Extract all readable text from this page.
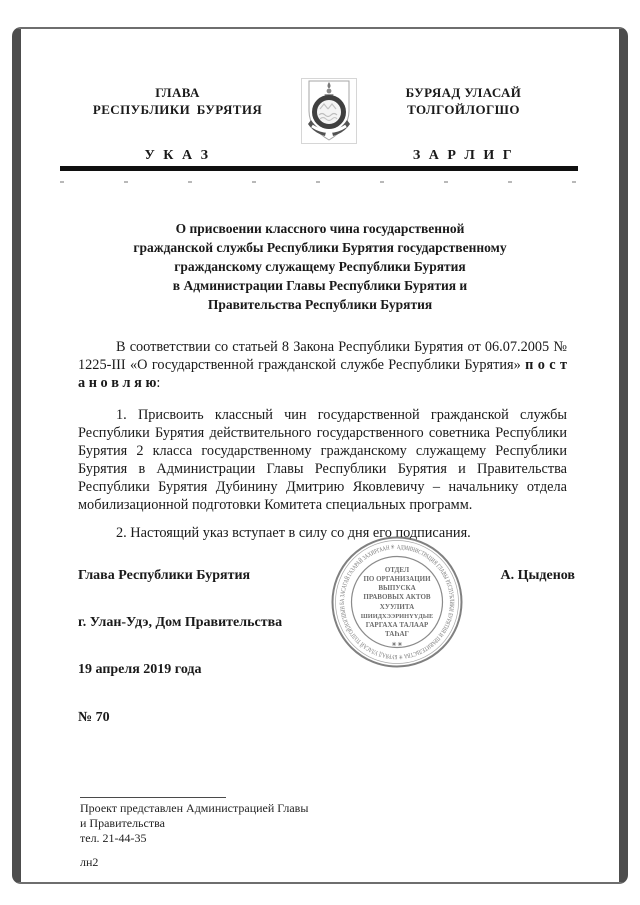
ГЛАВА
РЕСПУБЛИКИ БУРЯТИЯ
БУРЯАД УЛАСАЙ
ТОЛГОЙЛОГШО
У К А З	З А Р Л И Г
О присвоении классного чина государственной
гражданской службы Республики Бурятия государственному
гражданскому служащему Республики Бурятия
в Администрации Главы Республики Бурятия и
Правительства Республики Бурятия

В соответствии со статьей 8 Закона Республики Бурятия от 06.07.2005 № 1225-III «О государственной гражданской службе Республики Бурятия» п о с т а н о в л я ю:

1. Присвоить классный чин государственной гражданской службы Республики Бурятия действительного государственного советника Республики Бурятия 2 класса государственному гражданскому служащему Республики Бурятия в Администрации Главы Республики Бурятия и Правительства Республики Бурятия Дубинину Дмитрию Яковлевичу – начальнику отдела мобилизационной подготовки Комитета специальных программ.

2. Настоящий указ вступает в силу со дня его подписания.

Глава Республики Бурятия	А. Цыденов
АДМИНИСТРАЦИЯ ГЛАВЫ РЕСПУБЛИКИ БУРЯТИЯ И ПРАВИТЕЛЬСТВА ✳ БУРЯАД УЛАСАЙ ТОЛГОЙЛОГШЫН БА ЗАСАГАЙ ГАЗАРАЙ ЗАХИРГААН ✳
ОТДЕЛ
ПО ОРГАНИЗАЦИИ
ВЫПУСКА
ПРАВОВЫХ АКТОВ
ХУУЛИТА
ШИИДХЭЭРИНҮҮДЫЕ
ГАРГАХА ТАЛААР
ТАҺАГ
✳ ✳
г. Улан-Удэ, Дом Правительства
19 апреля 2019 года
№ 70
Проект представлен Администрацией Главы
и Правительства
тел. 21-44-35
лн2
